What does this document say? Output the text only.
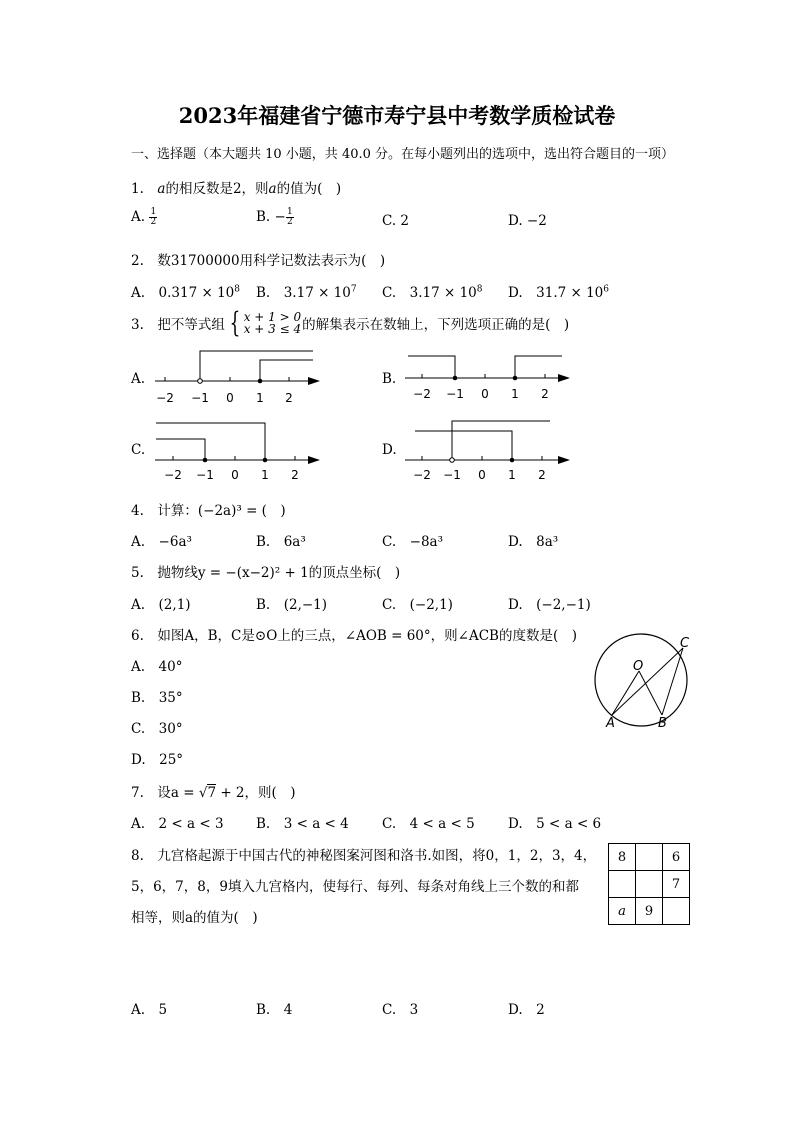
2023年福建省宁德市寿宁县中考数学质检试卷
一、选择题（本大题共 10 小题，共 40.0 分。在每小题列出的选项中，选出符合题目的一项）
1.　a的相反数是2，则a的值为(　)
A. $\frac{1}{2}$	B. − $\frac{1}{2}$	C. 2	D. −2
2.　数31700000用科学记数法表示为(　)
A.　 $0.317 \times 10^8$ B.　 $3.17 \times 10^7$ C.　 $3.17 \times 10^8$ D.　 $31.7 \times 10^6$
3.　把不等式组 { x + 1 > 0
x + 3 ≤ 4 的解集表示在数轴上，下列选项正确的是(　)
A.
−2 −1 0 1 2
B.
−2 −1 0 1 2
C.
−2 −1 0 1 2
D.
−2 −1 0 1 2
4.　计算：(−2a)³ = (　)
A.　−6a³	B.　6a³	C.　−8a³	D.　8a³
5.　抛物线y = −(x−2)² + 1的顶点坐标(　)
A.　(2,1)	B.　(2,−1)	C.　(−2,1)	D.　(−2,−1)
6.　如图A，B，C是⊙O上的三点，∠AOB = 60°，则∠ACB的度数是(　)
A.　40°
B.　35°
C.　30°
D.　25°
O
A	B
C
7.　设a = √7 + 2，则(　)
A.　2 < a < 3 B.　3 < a < 4 C.　4 < a < 5 D.　5 < a < 6
8.　九宫格起源于中国古代的神秘图案河图和洛书.如图，将0，1，2，3，4，
5，6，7，8，9填入九宫格内，使每行、每列、每条对角线上三个数的和都
相等，则a的值为(　)
8		6
		7
a	9	
A.　5	B.　4	C.　3	D.　2
